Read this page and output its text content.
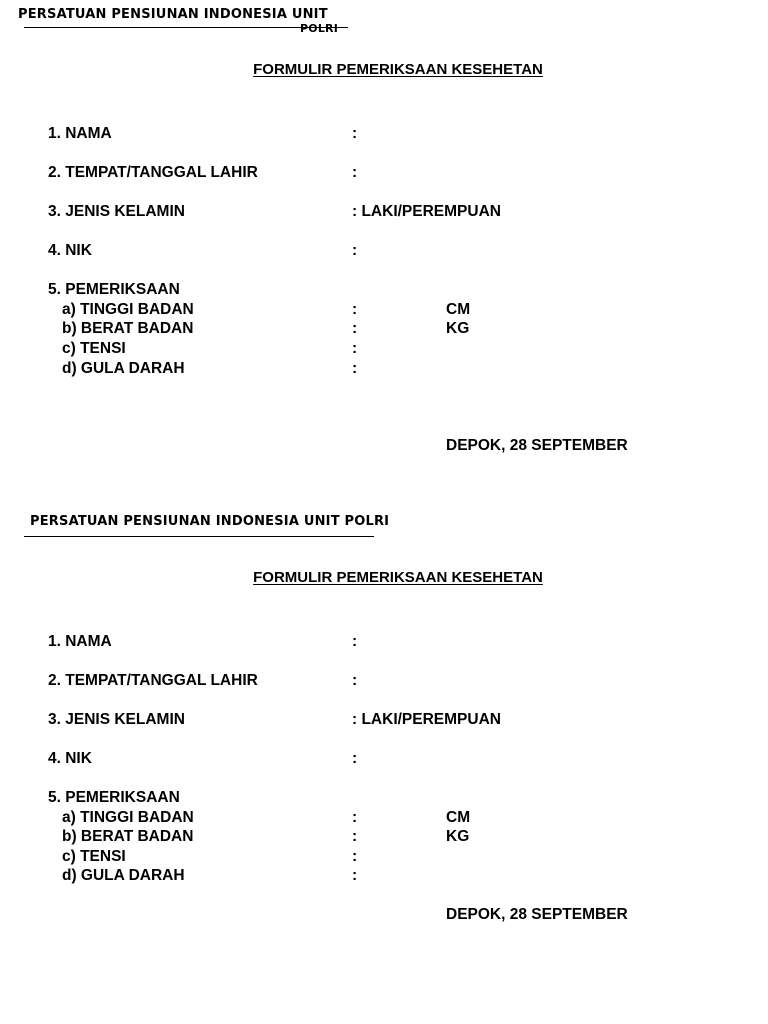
PERSATUAN PENSIUNAN INDONESIA UNIT
POLRI
FORMULIR PEMERIKSAAN KESEHETAN
1. NAMA	:
2. TEMPAT/TANGGAL LAHIR	:
3. JENIS KELAMIN	: LAKI/PEREMPUAN
4. NIK	:
5. PEMERIKSAAN
a) TINGGI BADAN	:	CM
b) BERAT BADAN	:	KG
c) TENSI	:
d) GULA DARAH	:
DEPOK, 28 SEPTEMBER
PERSATUAN PENSIUNAN INDONESIA UNIT POLRI
FORMULIR PEMERIKSAAN KESEHETAN
1. NAMA	:
2. TEMPAT/TANGGAL LAHIR	:
3. JENIS KELAMIN	: LAKI/PEREMPUAN
4. NIK	:
5. PEMERIKSAAN
a) TINGGI BADAN	:	CM
b) BERAT BADAN	:	KG
c) TENSI	:
d) GULA DARAH	:
DEPOK, 28 SEPTEMBER
